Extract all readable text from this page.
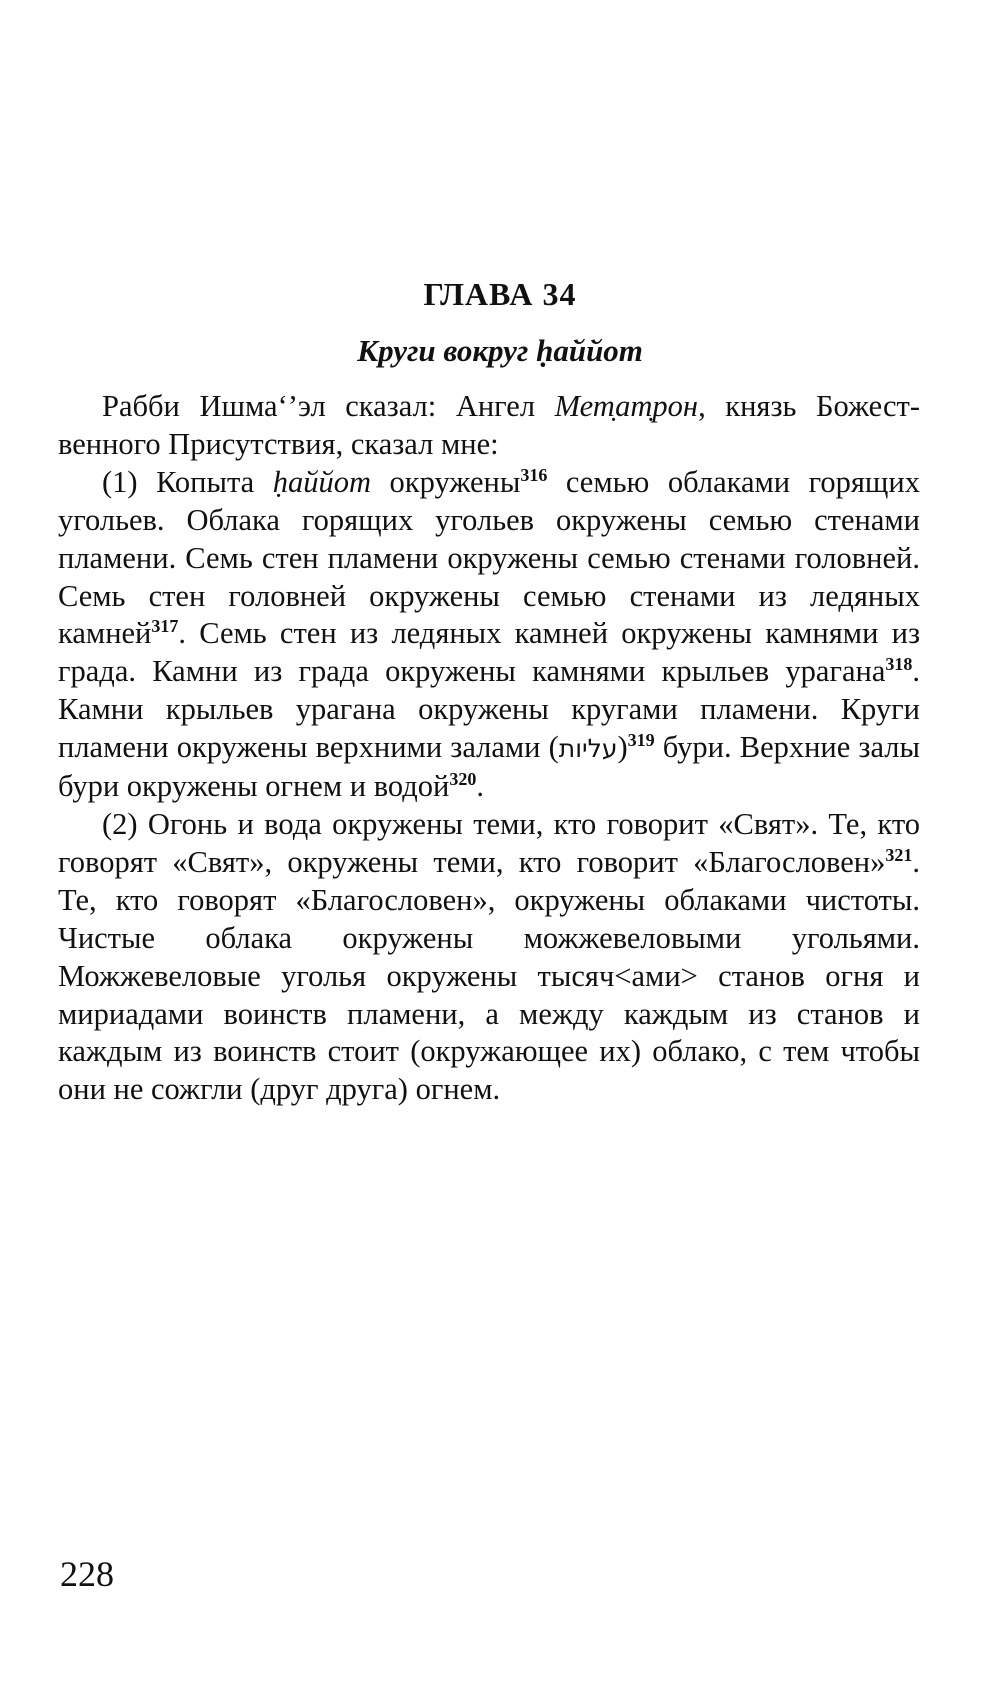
ГЛАВА 34
Круги вокруг ḥаййот

Рабби Ишма‘’эл сказал: Ангел Мет̣ат̣рон, князь Божественного Присутствия, сказал мне:

(1) Копыта ḥаййот окружены$^{316}$ семью облаками горящих угольев. Облака горящих угольев окружены семью стенами пламени. Семь стен пламени окружены семью стенами головней. Семь стен головней окружены семью стенами из ледяных камней$^{317}$. Семь стен из ледяных камней окружены камнями из града. Камни из града окружены камнями крыльев урагана$^{318}$. Камни крыльев урагана окружены кругами пламени. Круги пламени окружены верхними залами (עליות)$^{319}$ бури. Верхние залы бури окружены огнем и водой$^{320}$.

(2) Огонь и вода окружены теми, кто говорит «Свят». Те, кто говорят «Свят», окружены теми, кто говорит «Благословен»$^{321}$. Те, кто говорят «Благословен», окружены облаками чистоты. Чистые облака окружены можжевеловыми угольями. Можжевеловые уголья окружены тысяч<ами> станов огня и мириадами воинств пламени, а между каждым из станов и каждым из воинств стоит (окружающее их) облако, с тем чтобы они не сожгли (друг друга) огнем.

228
